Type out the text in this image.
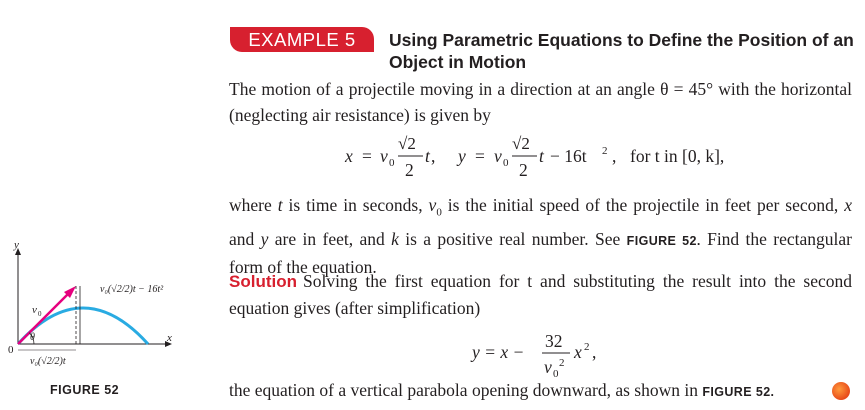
EXAMPLE 5	Using Parametric Equations to Define the Position of an Object in Motion
The motion of a projectile moving in a direction at an angle θ = 45° with the horizontal (neglecting air resistance) is given by
x = v 0
√2
2
t , y = v 0
√2
2
t − 16t 2 , for t in [0, k],
where t is time in seconds, $v_0$ is the initial speed of the projectile in feet per second, x and y are in feet, and k is a positive real number. See FIGURE 52. Find the rectangular form of the equation.
Solution Solving the first equation for t and substituting the result into the second equation gives (after simplification)
y = x −
32
v 0
2
x 2 ,
the equation of a vertical parabola opening downward, as shown in FIGURE 52.
y
x
0
θ
v 0
v₀(√2/2)t − 16t²
v₀(√2/2)t
FIGURE 52
